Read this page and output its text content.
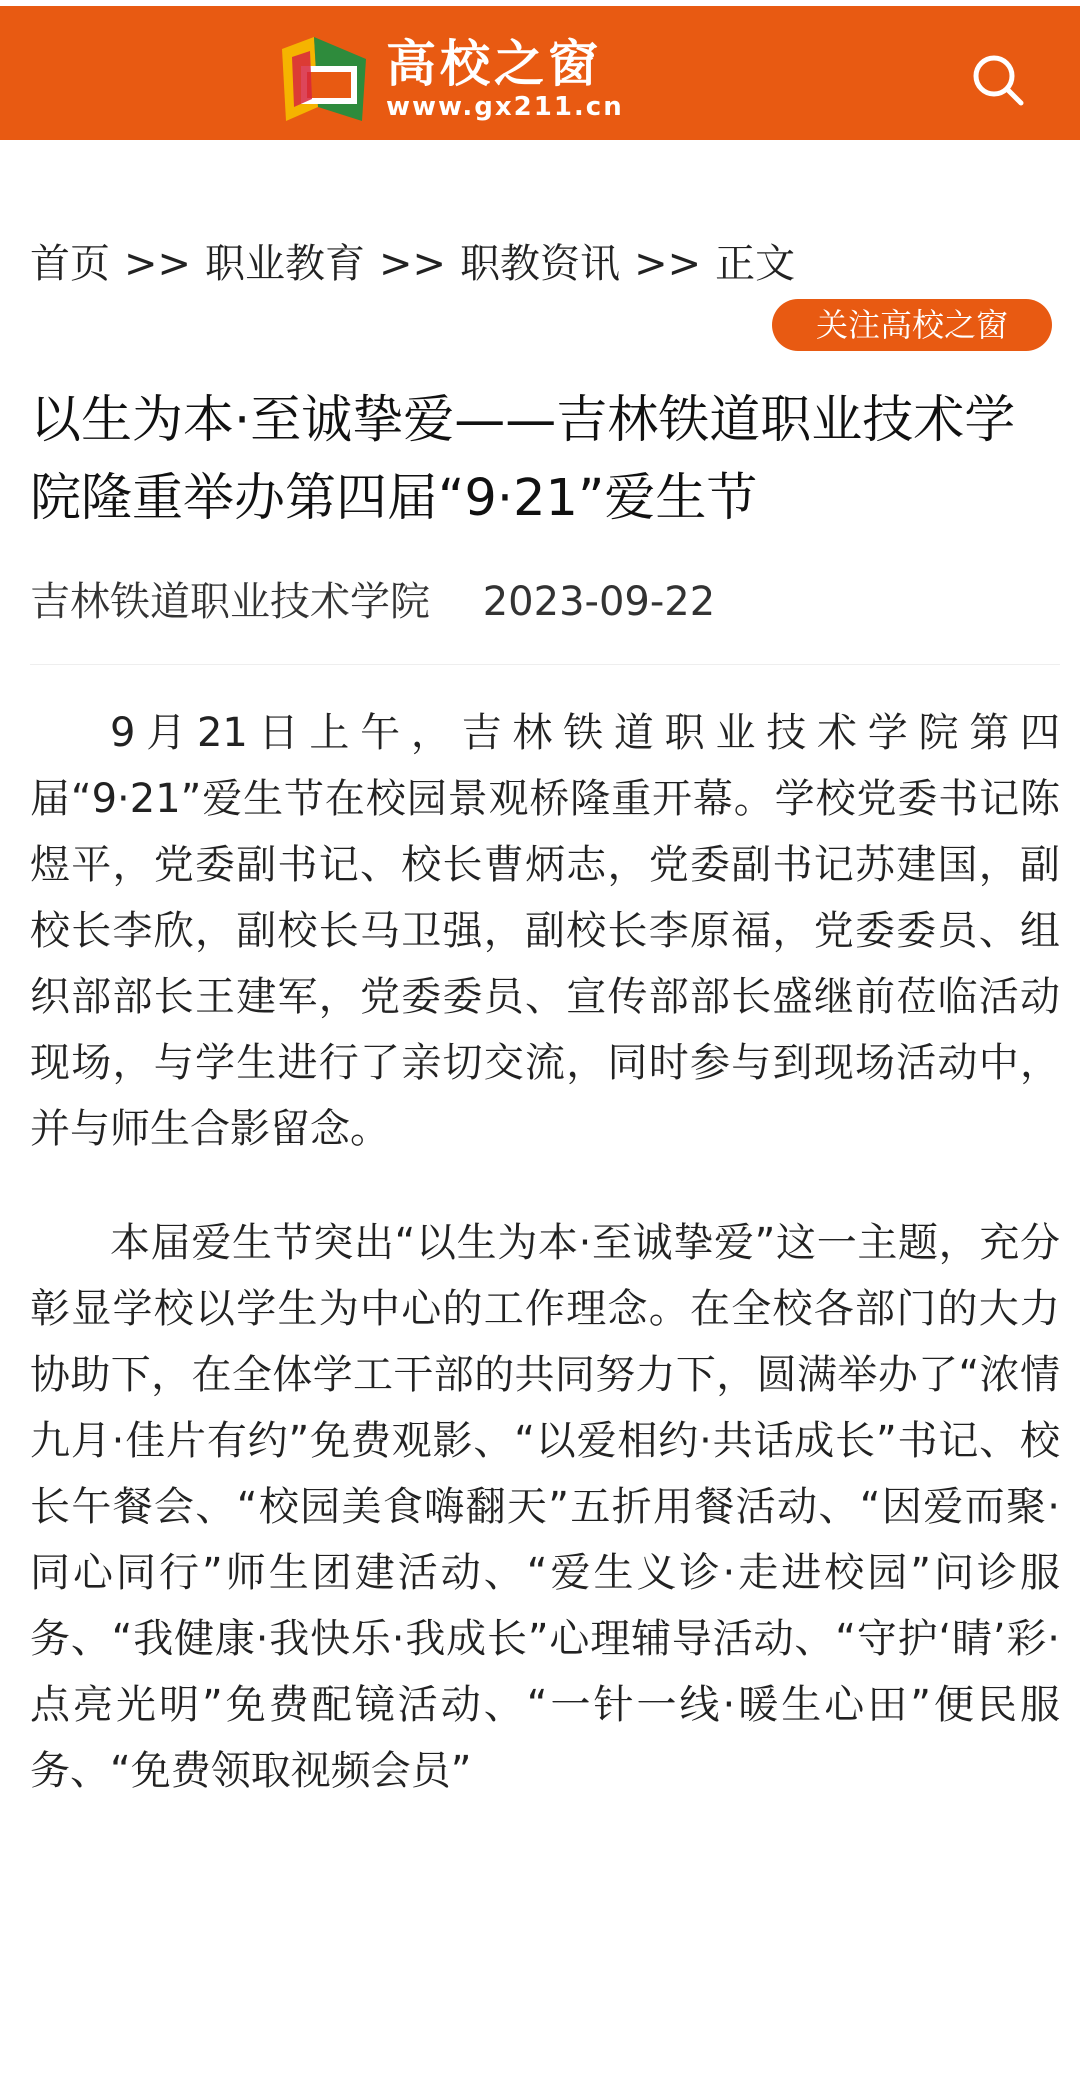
高校之窗
www.gx211.cn
首页 >> 职业教育 >> 职教资讯 >> 正文
关注高校之窗
以生为本·至诚挚爱——吉林铁道职业技术学院隆重举办第四届“9·21”爱生节
吉林铁道职业技术学院 2023-09-22

9月21日上午，吉林铁道职业技术学院第四届“9·21”爱生节在校园景观桥隆重开幕。学校党委书记陈煜平，党委副书记、校长曹炳志，党委副书记苏建国，副校长李欣，副校长马卫强，副校长李原福，党委委员、组织部部长王建军，党委委员、宣传部部长盛继前莅临活动现场，与学生进行了亲切交流，同时参与到现场活动中，并与师生合影留念。

本届爱生节突出“以生为本·至诚挚爱”这一主题，充分彰显学校以学生为中心的工作理念。在全校各部门的大力协助下，在全体学工干部的共同努力下，圆满举办了“浓情九月·佳片有约”免费观影、“以爱相约·共话成长”书记、校长午餐会、“校园美食嗨翻天”五折用餐活动、“因爱而聚·同心同行”师生团建活动、“爱生义诊·走进校园”问诊服务、“我健康·我快乐·我成长”心理辅导活动、“守护‘睛’彩·点亮光明”免费配镜活动、“一针一线·暖生心田”便民服务、“免费领取视频会员”
